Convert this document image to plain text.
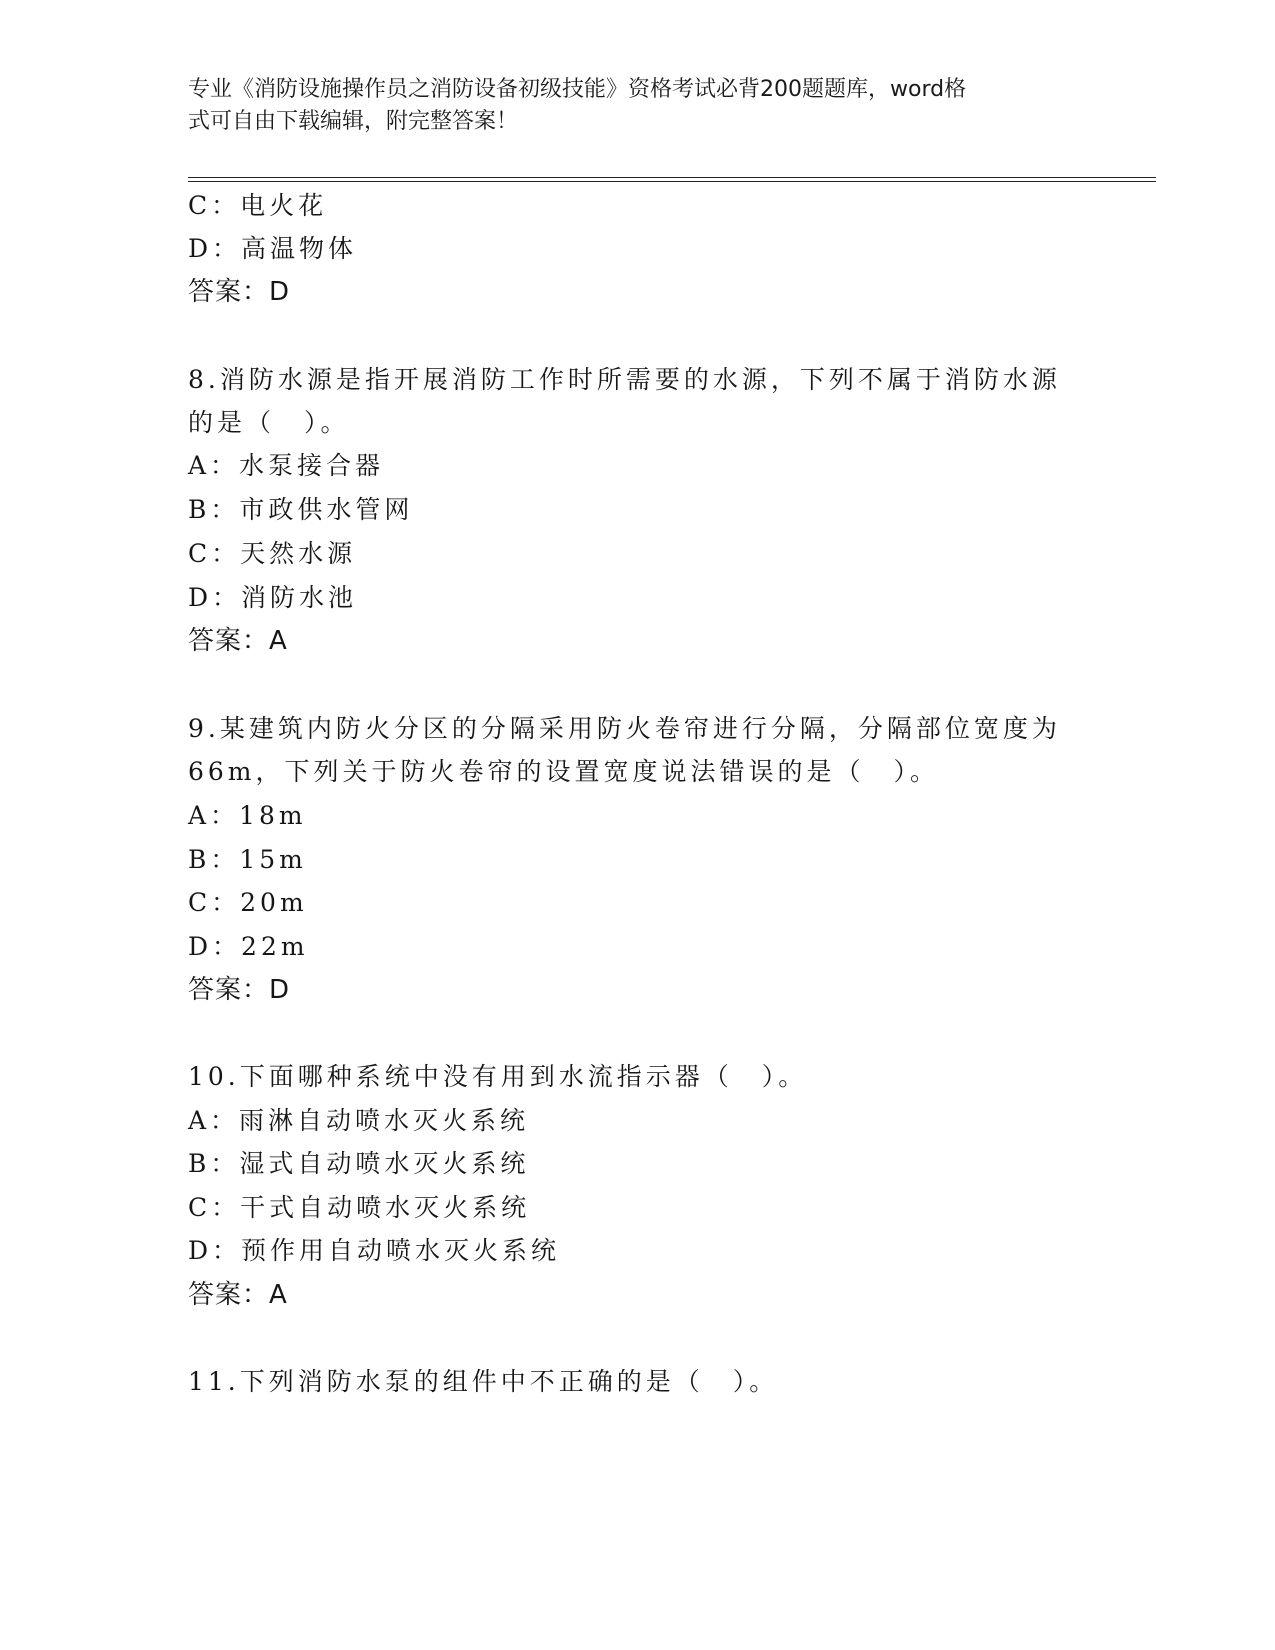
专业《消防设施操作员之消防设备初级技能》资格考试必背200题题库，word格
式可自由下载编辑，附完整答案！
C：电火花
D：高温物体
答案：D
8.消防水源是指开展消防工作时所需要的水源，下列不属于消防水源
的是（　）。
A：水泵接合器
B：市政供水管网
C：天然水源
D：消防水池
答案：A
9.某建筑内防火分区的分隔采用防火卷帘进行分隔，分隔部位宽度为
66m，下列关于防火卷帘的设置宽度说法错误的是（　）。
A：18m
B：15m
C：20m
D：22m
答案：D
10.下面哪种系统中没有用到水流指示器（　）。
A：雨淋自动喷水灭火系统
B：湿式自动喷水灭火系统
C：干式自动喷水灭火系统
D：预作用自动喷水灭火系统
答案：A
11.下列消防水泵的组件中不正确的是（　）。
